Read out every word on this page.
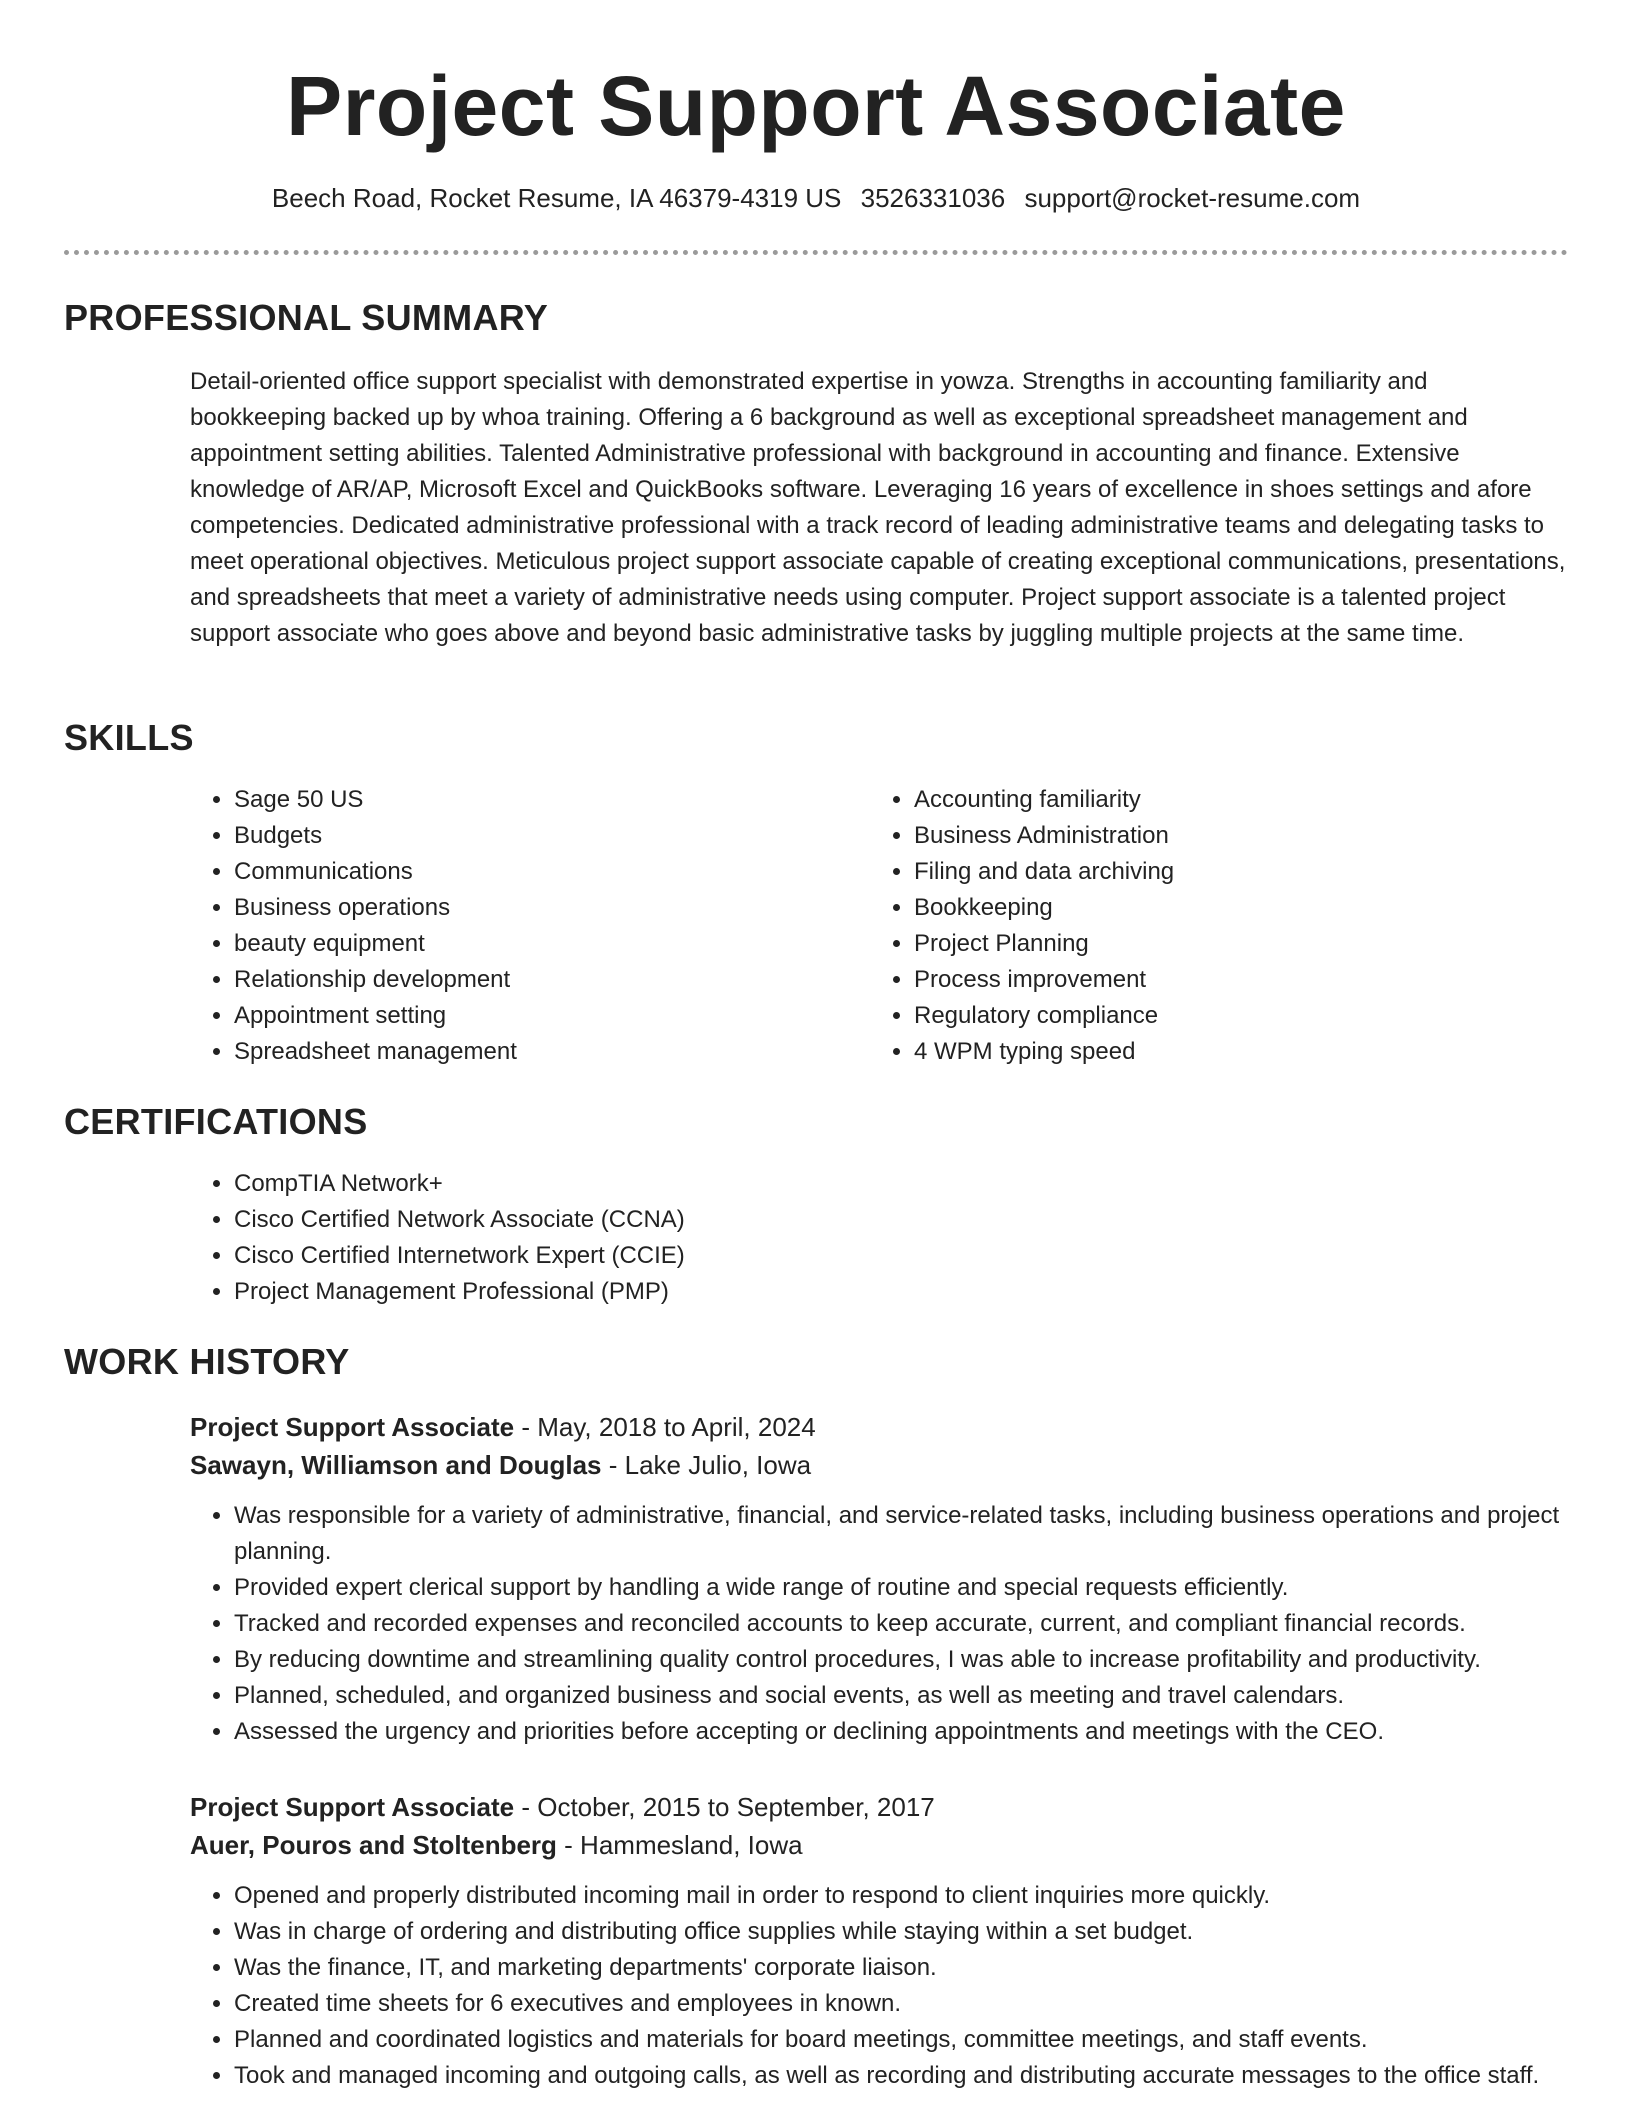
Project Support Associate
Beech Road, Rocket Resume, IA 46379-4319 US 3526331036 support@rocket-resume.com
PROFESSIONAL SUMMARY

Detail-oriented office support specialist with demonstrated expertise in yowza. Strengths in accounting familiarity and bookkeeping backed up by whoa training. Offering a 6 background as well as exceptional spreadsheet management and appointment setting abilities. Talented Administrative professional with background in accounting and finance. Extensive knowledge of AR/AP, Microsoft Excel and QuickBooks software. Leveraging 16 years of excellence in shoes settings and afore competencies. Dedicated administrative professional with a track record of leading administrative teams and delegating tasks to meet operational objectives. Meticulous project support associate capable of creating exceptional communications, presentations, and spreadsheets that meet a variety of administrative needs using computer. Project support associate is a talented project support associate who goes above and beyond basic administrative tasks by juggling multiple projects at the same time.

SKILLS
• Sage 50 US
• Budgets
• Communications
• Business operations
• beauty equipment
• Relationship development
• Appointment setting
• Spreadsheet management
• Accounting familiarity
• Business Administration
• Filing and data archiving
• Bookkeeping
• Project Planning
• Process improvement
• Regulatory compliance
• 4 WPM typing speed
CERTIFICATIONS
• CompTIA Network+
• Cisco Certified Network Associate (CCNA)
• Cisco Certified Internetwork Expert (CCIE)
• Project Management Professional (PMP)
WORK HISTORY
Project Support Associate - May, 2018 to April, 2024
Sawayn, Williamson and Douglas - Lake Julio, Iowa
• Was responsible for a variety of administrative, financial, and service-related tasks, including business operations and project planning.
• Provided expert clerical support by handling a wide range of routine and special requests efficiently.
• Tracked and recorded expenses and reconciled accounts to keep accurate, current, and compliant financial records.
• By reducing downtime and streamlining quality control procedures, I was able to increase profitability and productivity.
• Planned, scheduled, and organized business and social events, as well as meeting and travel calendars.
• Assessed the urgency and priorities before accepting or declining appointments and meetings with the CEO.
Project Support Associate - October, 2015 to September, 2017
Auer, Pouros and Stoltenberg - Hammesland, Iowa
• Opened and properly distributed incoming mail in order to respond to client inquiries more quickly.
• Was in charge of ordering and distributing office supplies while staying within a set budget.
• Was the finance, IT, and marketing departments' corporate liaison.
• Created time sheets for 6 executives and employees in known.
• Planned and coordinated logistics and materials for board meetings, committee meetings, and staff events.
• Took and managed incoming and outgoing calls, as well as recording and distributing accurate messages to the office staff.
